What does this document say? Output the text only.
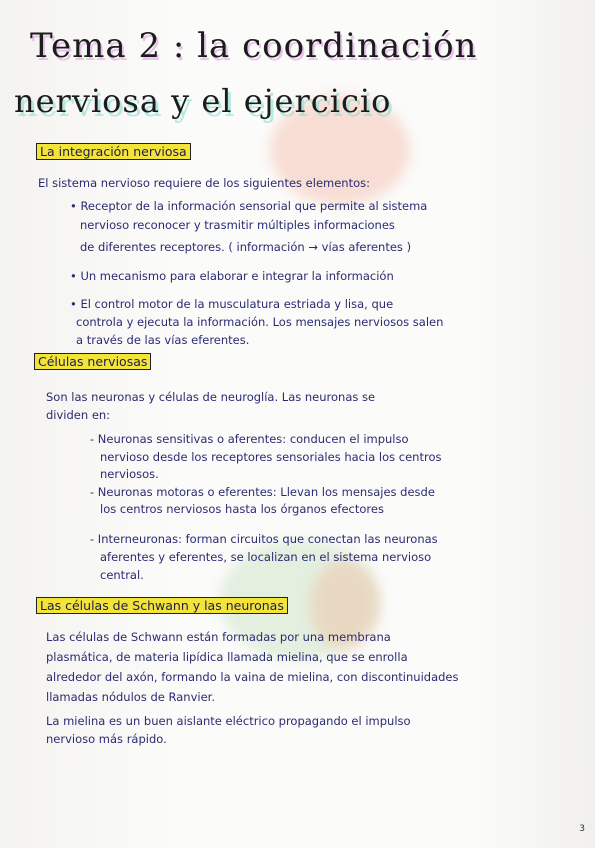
Tema 2 : la coordinación
nerviosa y el ejercicio
La integración nerviosa
El sistema nervioso requiere de los siguientes elementos:
• Receptor de la información sensorial que permite al sistema
nervioso reconocer y trasmitir múltiples informaciones
de diferentes receptores. ( información → vías aferentes )
• Un mecanismo para elaborar e integrar la información
• El control motor de la musculatura estriada y lisa, que
controla y ejecuta la información. Los mensajes nerviosos salen
a través de las vías eferentes.
Células nerviosas
Son las neuronas y células de neuroglía. Las neuronas se
dividen en:
- Neuronas sensitivas o aferentes: conducen el impulso
nervioso desde los receptores sensoriales hacia los centros
nerviosos.
- Neuronas motoras o eferentes: Llevan los mensajes desde
los centros nerviosos hasta los órganos efectores
- Interneuronas: forman circuitos que conectan las neuronas
aferentes y eferentes, se localizan en el sistema nervioso
central.
Las células de Schwann y las neuronas
Las células de Schwann están formadas por una membrana
plasmática, de materia lipídica llamada mielina, que se enrolla
alrededor del axón, formando la vaina de mielina, con discontinuidades
llamadas nódulos de Ranvier.
La mielina es un buen aislante eléctrico propagando el impulso
nervioso más rápido.
3
